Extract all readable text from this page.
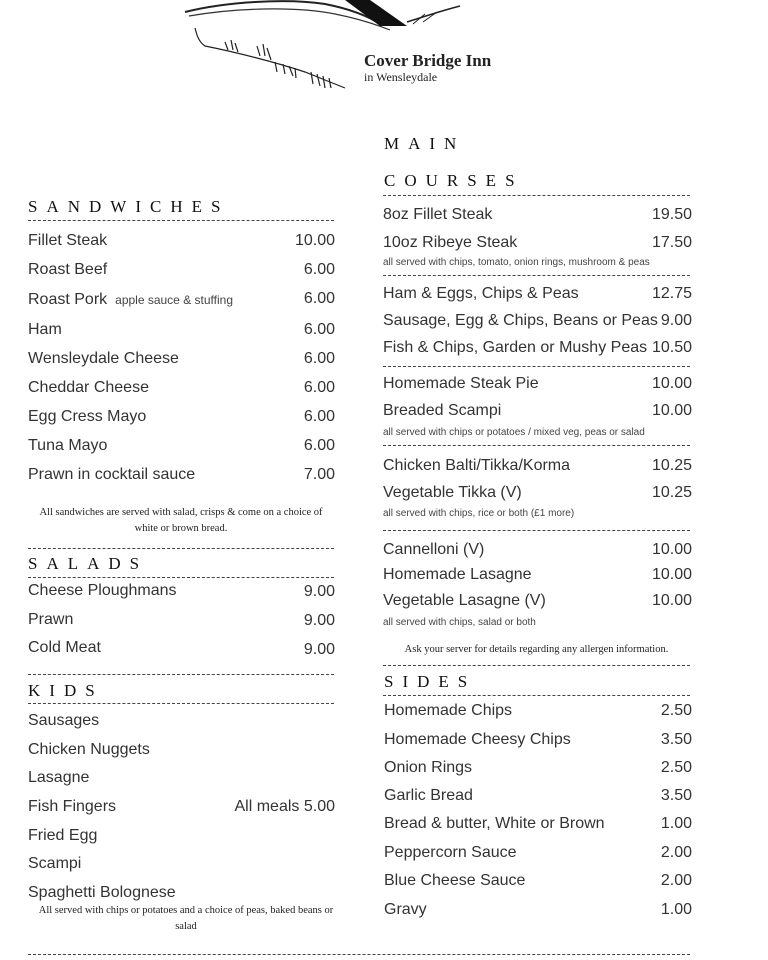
Cover Bridge Inn
in Wensleydale
SANDWICHES
Fillet Steak	10.00
Roast Beef	6.00
Roast Pork apple sauce & stuffing	6.00
Ham	6.00
Wensleydale Cheese	6.00
Cheddar Cheese	6.00
Egg Cress Mayo	6.00
Tuna Mayo	6.00
Prawn in cocktail sauce	7.00
All sandwiches are served with salad, crisps & come on a choice of white or brown bread.
SALADS
Cheese Ploughmans	9.00
Prawn	9.00
Cold Meat	9.00
KIDS
Sausages
Chicken Nuggets
Lasagne
Fish Fingers	All meals 5.00
Fried Egg
Scampi
Spaghetti Bolognese
All served with chips or potatoes and a choice of peas, baked beans or salad
MAIN
COURSES
8oz Fillet Steak	19.50
10oz Ribeye Steak	17.50
all served with chips, tomato, onion rings, mushroom & peas
Ham & Eggs, Chips & Peas	12.75
Sausage, Egg & Chips, Beans or Peas 9.00
Fish & Chips, Garden or Mushy Peas 10.50
Homemade Steak Pie	10.00
Breaded Scampi	10.00
all served with chips or potatoes / mixed veg, peas or salad
Chicken Balti/Tikka/Korma	10.25
Vegetable Tikka (V)	10.25
all served with chips, rice or both (£1 more)
Cannelloni (V)	10.00
Homemade Lasagne	10.00
Vegetable Lasagne (V)	10.00
all served with chips, salad or both
Ask your server for details regarding any allergen information.
SIDES
Homemade Chips	2.50
Homemade Cheesy Chips	3.50
Onion Rings	2.50
Garlic Bread	3.50
Bread & butter, White or Brown	1.00
Peppercorn Sauce	2.00
Blue Cheese Sauce	2.00
Gravy	1.00
